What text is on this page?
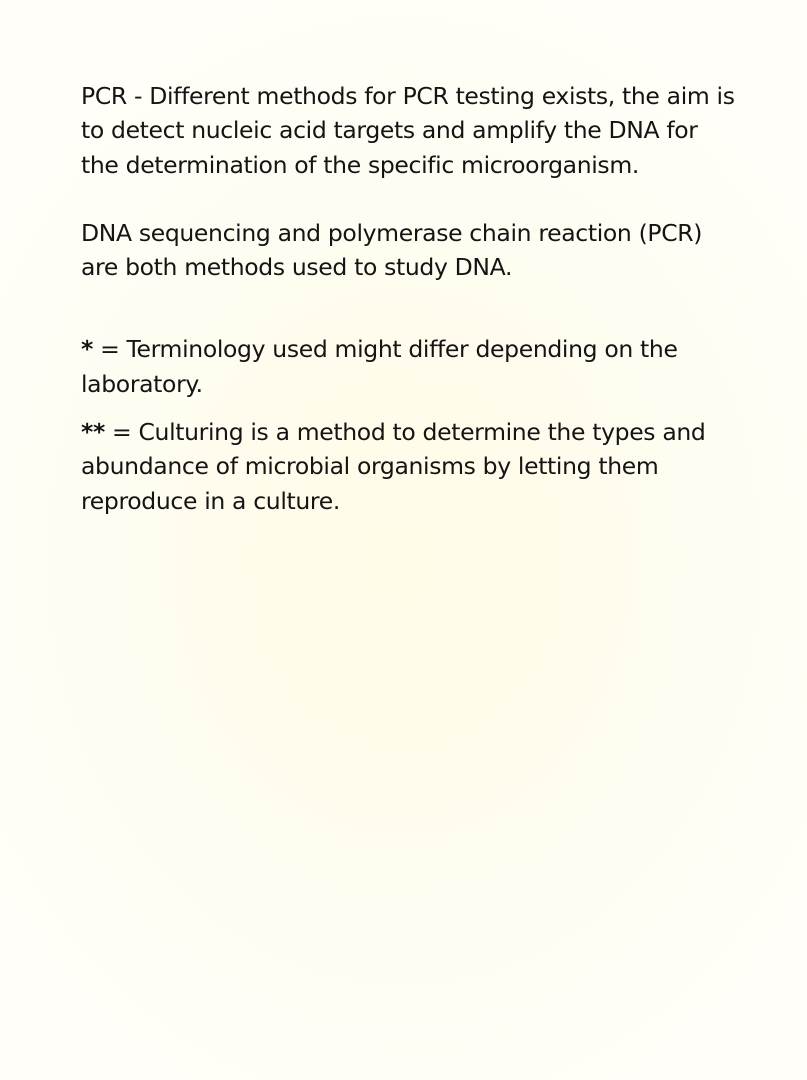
PCR - Different methods for PCR testing exists, the aim is to detect nucleic acid targets and amplify the DNA for the determination of the specific microorganism.

DNA sequencing and polymerase chain reaction (PCR) are both methods used to study DNA.

* = Terminology used might differ depending on the laboratory.

** = Culturing is a method to determine the types and abundance of microbial organisms by letting them reproduce in a culture.
